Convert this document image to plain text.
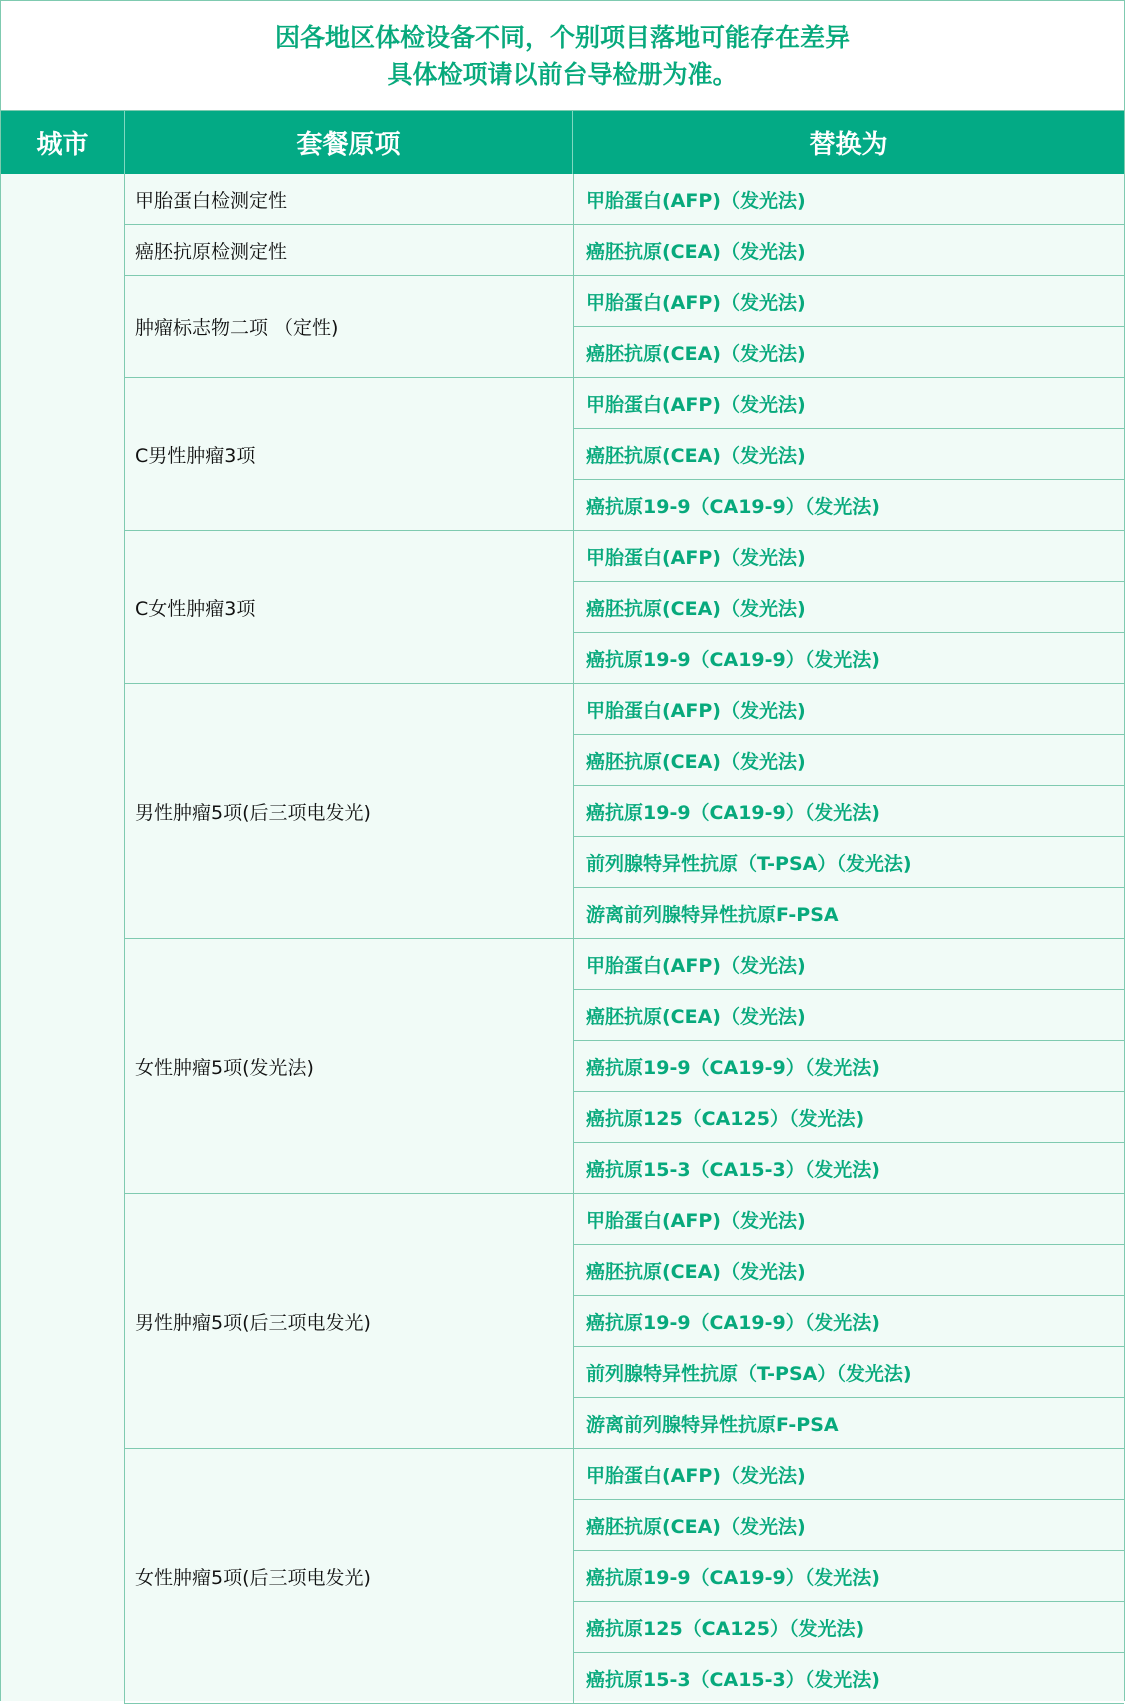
因各地区体检设备不同，个别项目落地可能存在差异
具体检项请以前台导检册为准。
城市	套餐原项	替换为
甲胎蛋白检测定性
癌胚抗原检测定性
肿瘤标志物二项 （定性)
C男性肿瘤3项
C女性肿瘤3项
男性肿瘤5项(后三项电发光)
女性肿瘤5项(发光法)
男性肿瘤5项(后三项电发光)
女性肿瘤5项(后三项电发光)
甲胎蛋白(AFP)（发光法)
癌胚抗原(CEA)（发光法)
甲胎蛋白(AFP)（发光法)
癌胚抗原(CEA)（发光法)
甲胎蛋白(AFP)（发光法)
癌胚抗原(CEA)（发光法)
癌抗原19-9（CA19-9）（发光法)
甲胎蛋白(AFP)（发光法)
癌胚抗原(CEA)（发光法)
癌抗原19-9（CA19-9）（发光法)
甲胎蛋白(AFP)（发光法)
癌胚抗原(CEA)（发光法)
癌抗原19-9（CA19-9）（发光法)
前列腺特异性抗原（T-PSA）（发光法)
游离前列腺特异性抗原F-PSA
甲胎蛋白(AFP)（发光法)
癌胚抗原(CEA)（发光法)
癌抗原19-9（CA19-9）（发光法)
癌抗原125（CA125）（发光法)
癌抗原15-3（CA15-3）（发光法)
甲胎蛋白(AFP)（发光法)
癌胚抗原(CEA)（发光法)
癌抗原19-9（CA19-9）（发光法)
前列腺特异性抗原（T-PSA）（发光法)
游离前列腺特异性抗原F-PSA
甲胎蛋白(AFP)（发光法)
癌胚抗原(CEA)（发光法)
癌抗原19-9（CA19-9）（发光法)
癌抗原125（CA125）（发光法)
癌抗原15-3（CA15-3）（发光法)
